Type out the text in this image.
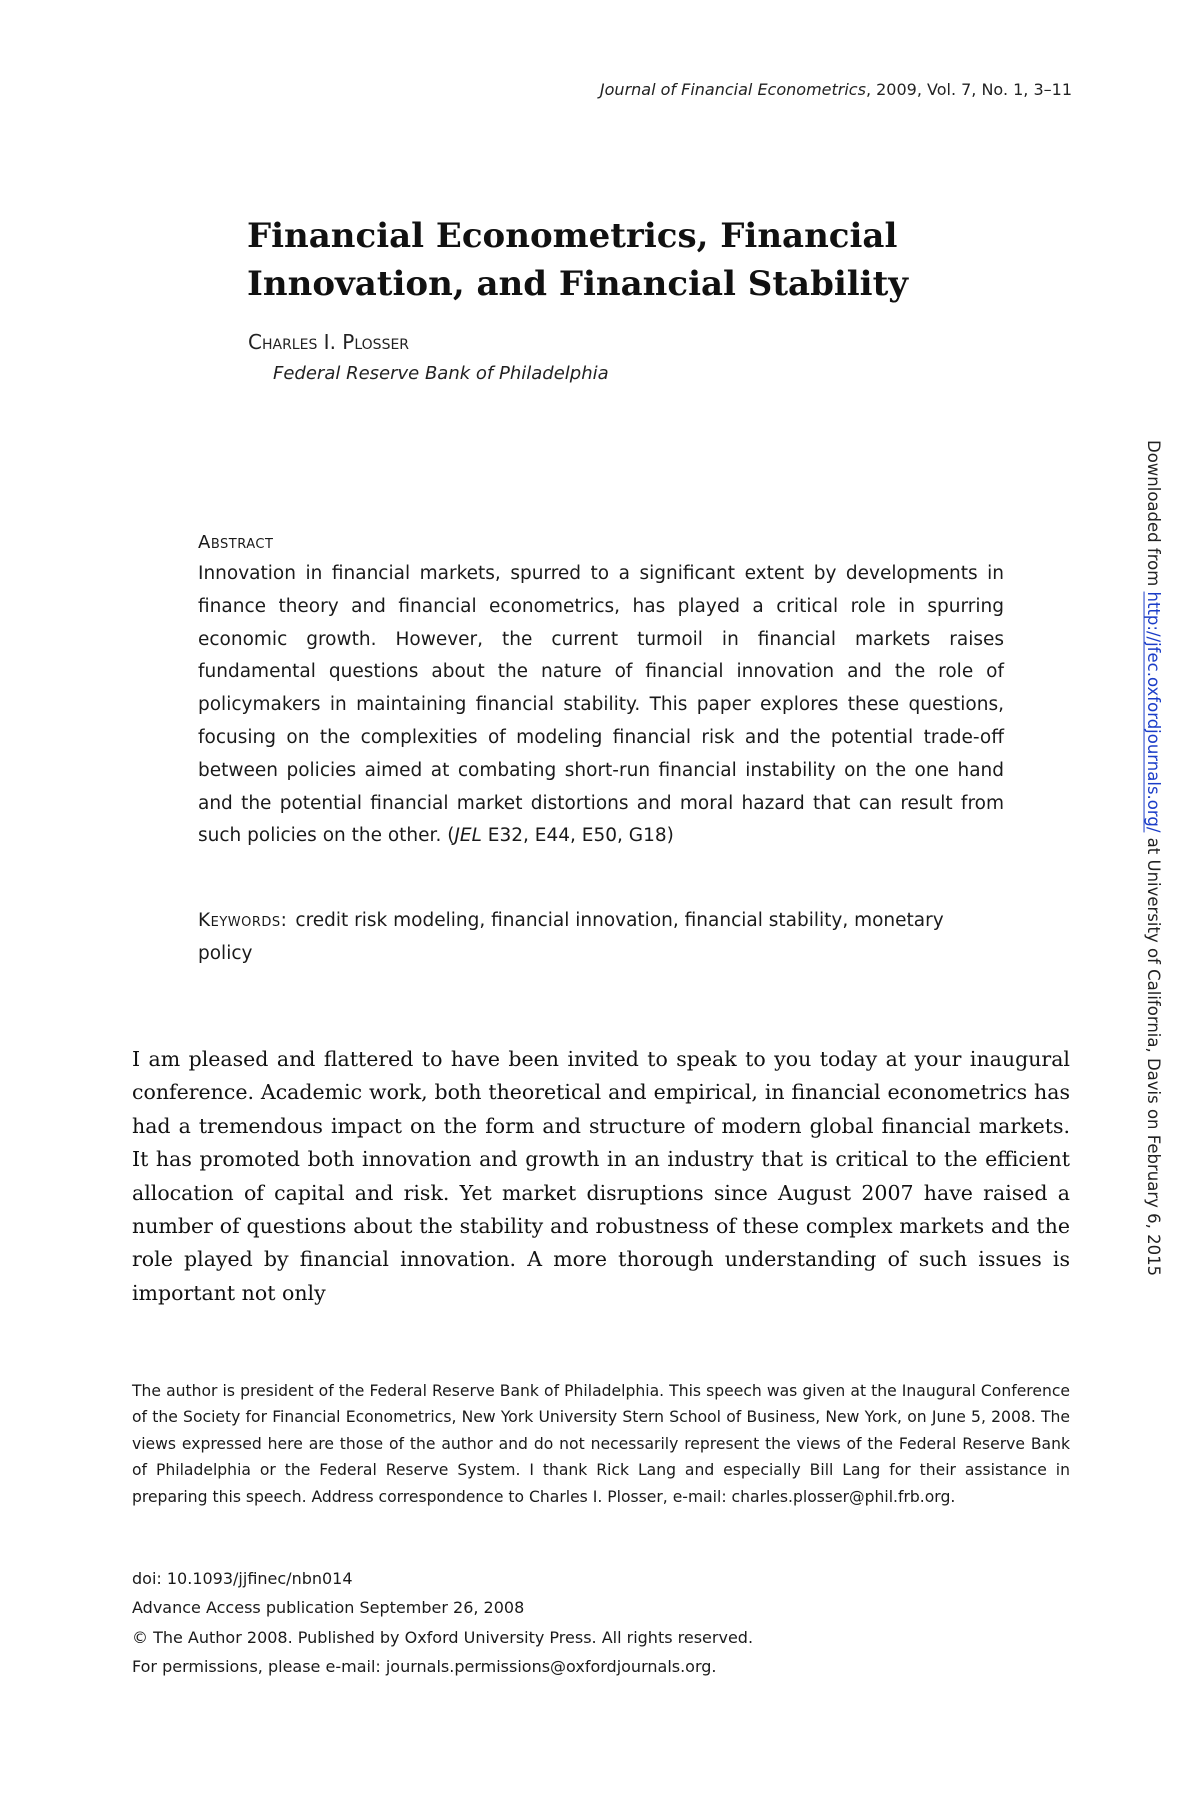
Journal of Financial Econometrics, 2009, Vol. 7, No. 1, 3–11
Financial Econometrics, Financial Innovation, and Financial Stability
Charles I. Plosser
Federal Reserve Bank of Philadelphia
Abstract

Innovation in financial markets, spurred to a significant extent by developments in finance theory and financial econometrics, has played a critical role in spurring economic growth. However, the current turmoil in financial markets raises fundamental questions about the nature of financial innovation and the role of policymakers in maintaining financial stability. This paper explores these questions, focusing on the complexities of modeling financial risk and the potential trade-off between policies aimed at combating short-run financial instability on the one hand and the potential financial market distortions and moral hazard that can result from such policies on the other. (JEL E32, E44, E50, G18)

Keywords: credit risk modeling, financial innovation, financial stability, monetary policy

I am pleased and flattered to have been invited to speak to you today at your inaugural conference. Academic work, both theoretical and empirical, in financial econometrics has had a tremendous impact on the form and structure of modern global financial markets. It has promoted both innovation and growth in an industry that is critical to the efficient allocation of capital and risk. Yet market disruptions since August 2007 have raised a number of questions about the stability and robustness of these complex markets and the role played by financial innovation. A more thorough understanding of such issues is important not only

The author is president of the Federal Reserve Bank of Philadelphia. This speech was given at the Inaugural Conference of the Society for Financial Econometrics, New York University Stern School of Business, New York, on June 5, 2008. The views expressed here are those of the author and do not necessarily represent the views of the Federal Reserve Bank of Philadelphia or the Federal Reserve System. I thank Rick Lang and especially Bill Lang for their assistance in preparing this speech. Address correspondence to Charles I. Plosser, e-mail: charles.plosser@phil.frb.org.

doi: 10.1093/jjfinec/nbn014
Advance Access publication September 26, 2008
© The Author 2008. Published by Oxford University Press. All rights reserved.
For permissions, please e-mail: journals.permissions@oxfordjournals.org.
Downloaded from http://jfec.oxfordjournals.org/ at University of California, Davis on February 6, 2015
